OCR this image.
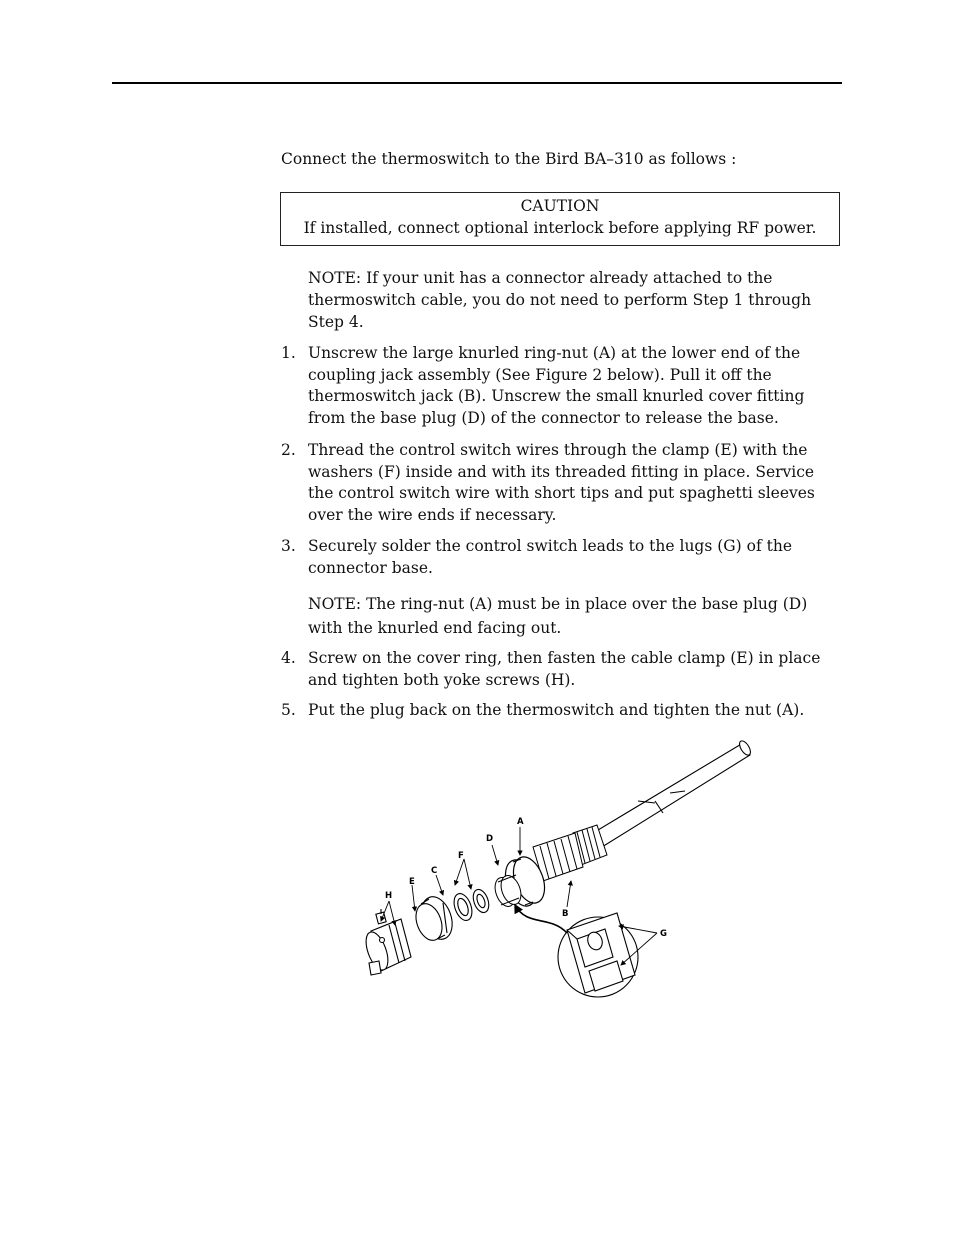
Connect the thermoswitch to the Bird BA–310 as follows :
CAUTION
If installed, connect optional interlock before applying RF power.
NOTE: If your unit has a connector already attached to the thermoswitch cable, you do not need to perform Step 1 through Step 4.
1. Unscrew the large knurled ring-nut (A) at the lower end of the coupling jack assembly (See Figure 2 below). Pull it off the thermoswitch jack (B). Unscrew the small knurled cover fitting from the base plug (D) of the connector to release the base.
2. Thread the control switch wires through the clamp (E) with the washers (F) inside and with its threaded fitting in place. Service the control switch wire with short tips and put spaghetti sleeves over the wire ends if necessary.
3. Securely solder the control switch leads to the lugs (G) of the connector base.
NOTE: The ring-nut (A) must be in place over the base plug (D) with the knurled end facing out.
4. Screw on the cover ring, then fasten the cable clamp (E) in place and tighten both yoke screws (H).
5. Put the plug back on the thermoswitch and tighten the nut (A).
A
D
F
C
E
H
B
G
